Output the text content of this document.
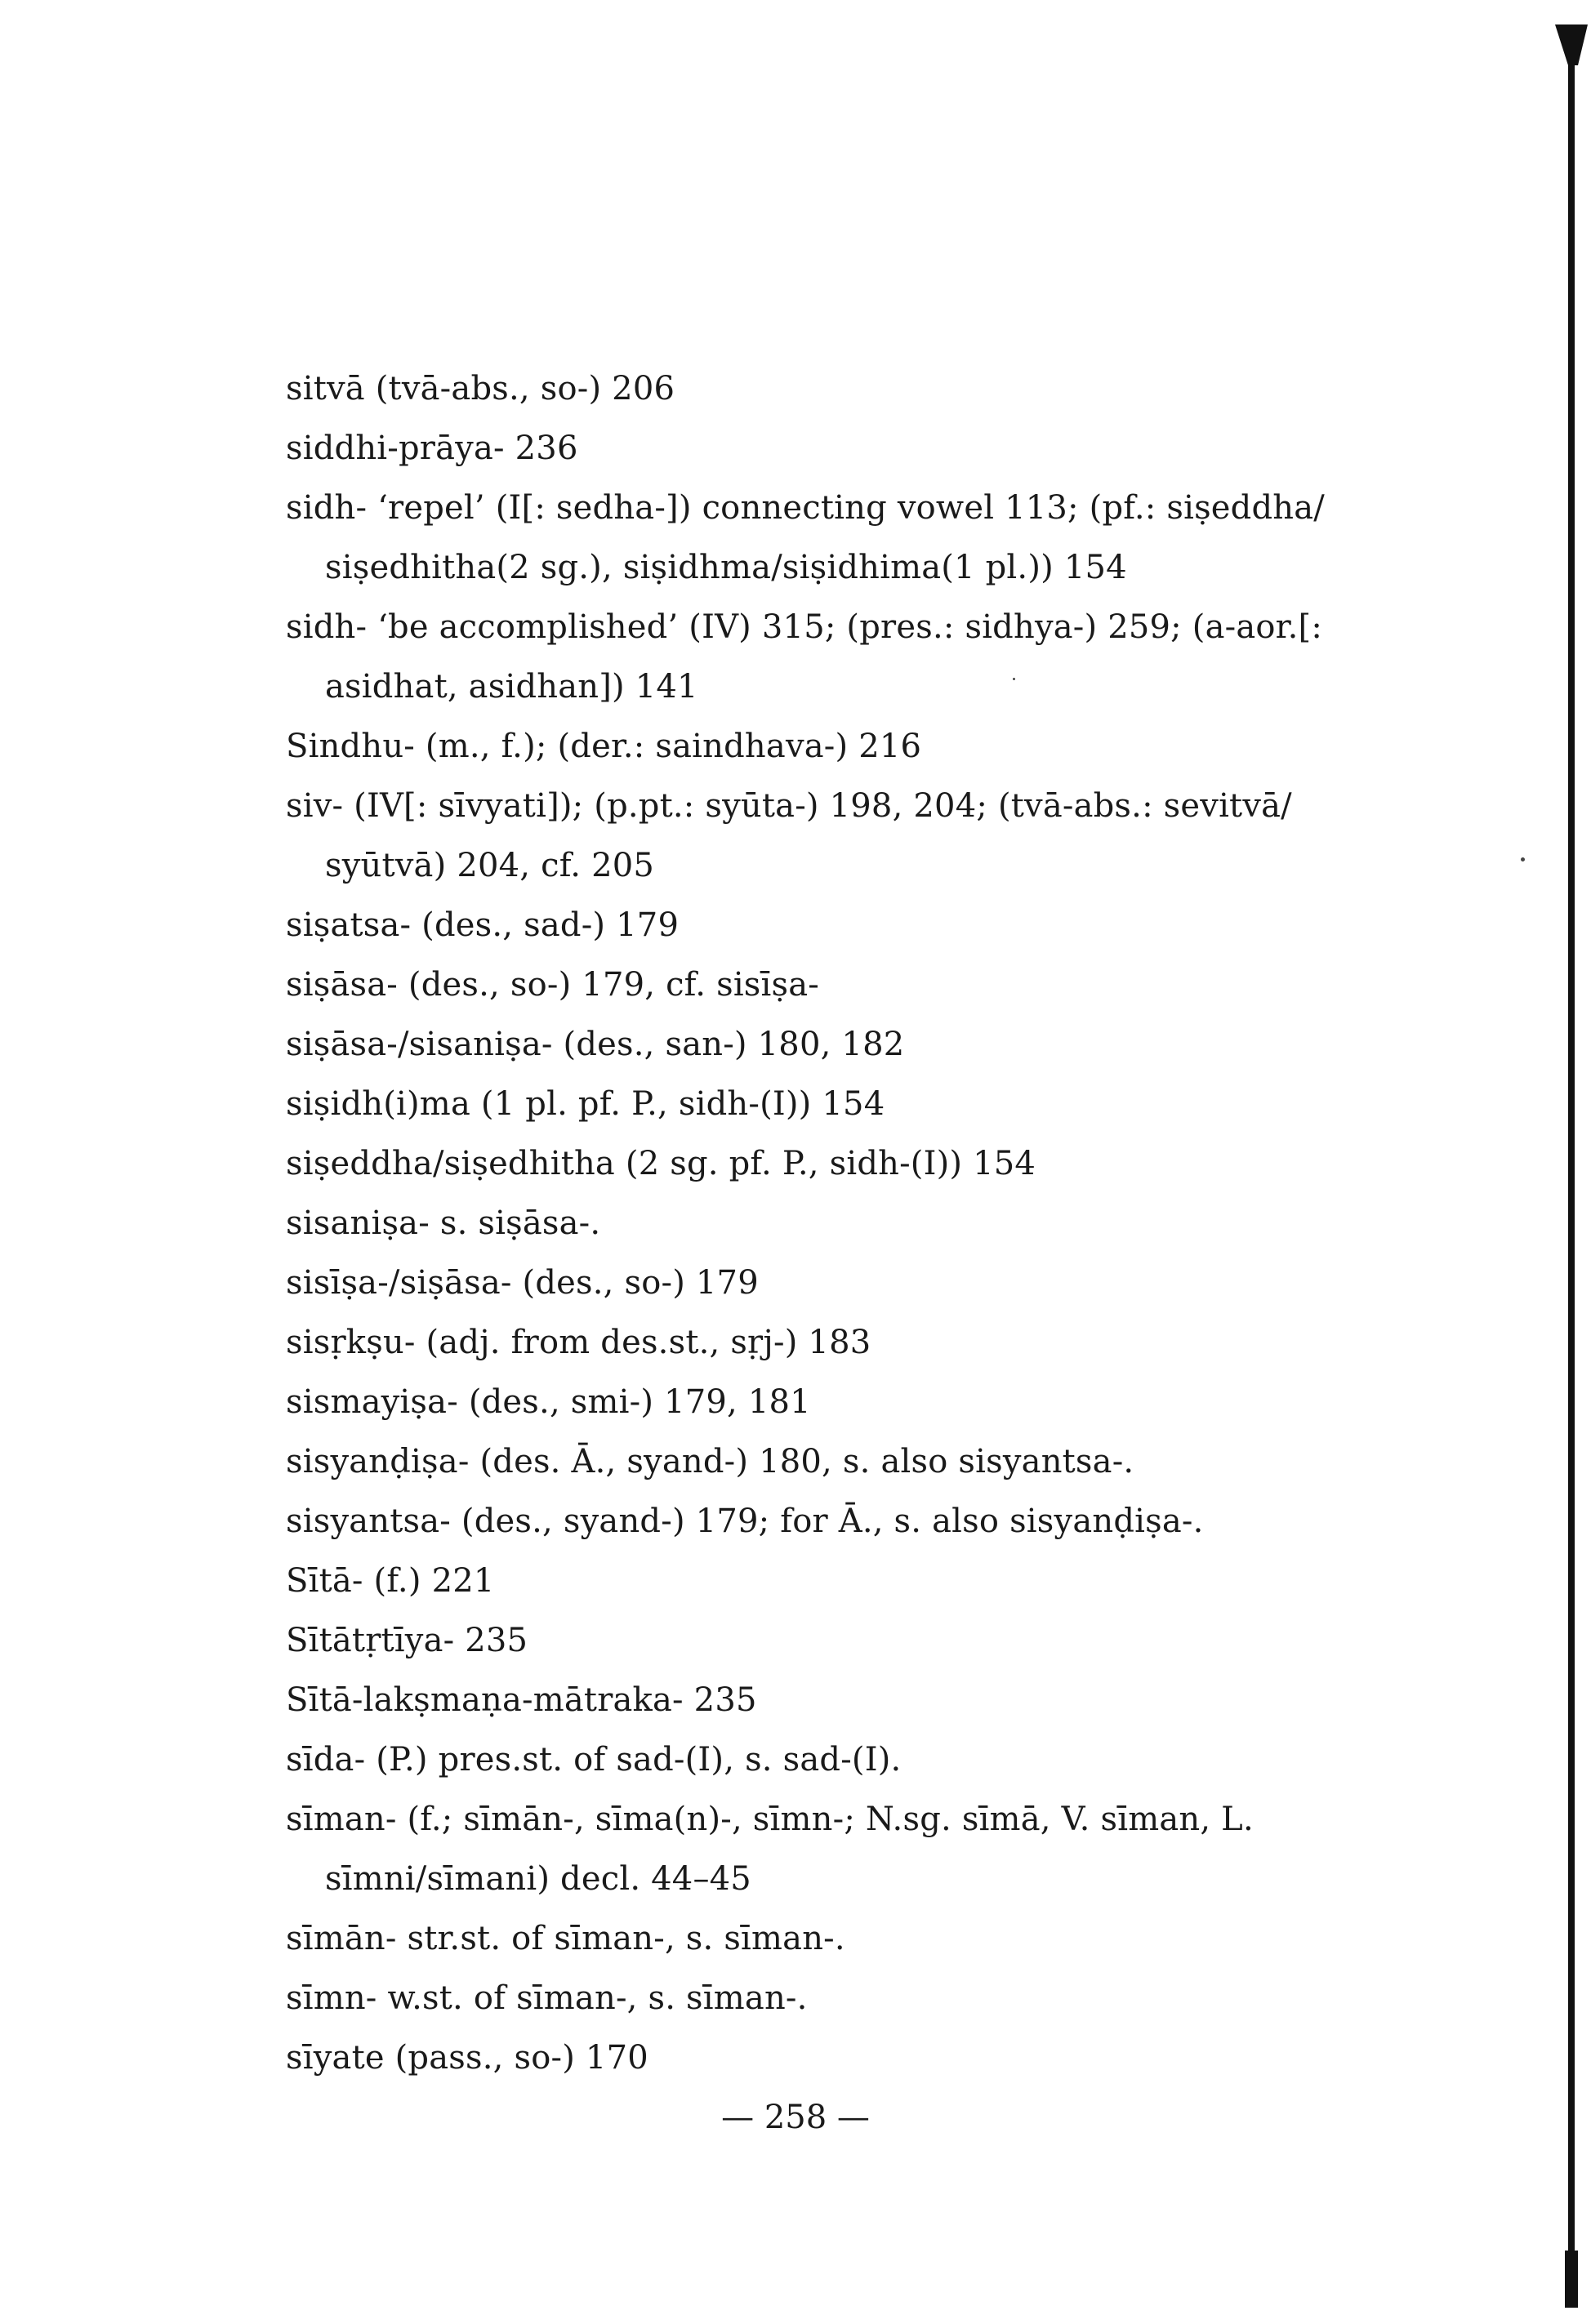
sitvā (tvā-abs., so-) 206
siddhi-prāya- 236
sidh- ‘repel’ (I[: sedha-]) connecting vowel 113; (pf.: siṣeddha/
siṣedhitha(2 sg.), siṣidhma/siṣidhima(1 pl.)) 154
sidh- ‘be accomplished’ (IV) 315; (pres.: sidhya-) 259; (a-aor.[:
asidhat, asidhan]) 141
Sindhu- (m., f.); (der.: saindhava-) 216
siv- (IV[: sīvyati]); (p.pt.: syūta-) 198, 204; (tvā-abs.: sevitvā/
syūtvā) 204, cf. 205
siṣatsa- (des., sad-) 179
siṣāsa- (des., so-) 179, cf. sisīṣa-
siṣāsa-/sisaniṣa- (des., san-) 180, 182
siṣidh(i)ma (1 pl. pf. P., sidh-(I)) 154
siṣeddha/siṣedhitha (2 sg. pf. P., sidh-(I)) 154
sisaniṣa- s. siṣāsa-.
sisīṣa-/siṣāsa- (des., so-) 179
sisṛkṣu- (adj. from des.st., sṛj-) 183
sismayiṣa- (des., smi-) 179, 181
sisyanḍiṣa- (des. Ā., syand-) 180, s. also sisyantsa-.
sisyantsa- (des., syand-) 179; for Ā., s. also sisyanḍiṣa-.
Sītā- (f.) 221
Sītātṛtīya- 235
Sītā-lakṣmaṇa-mātraka- 235
sīda- (P.) pres.st. of sad-(I), s. sad-(I).
sīman- (f.; sīmān-, sīma(n)-, sīmn-; N.sg. sīmā, V. sīman, L.
sīmni/sīmani) decl. 44–45
sīmān- str.st. of sīman-, s. sīman-.
sīmn- w.st. of sīman-, s. sīman-.
sīyate (pass., so-) 170
— 258 —
